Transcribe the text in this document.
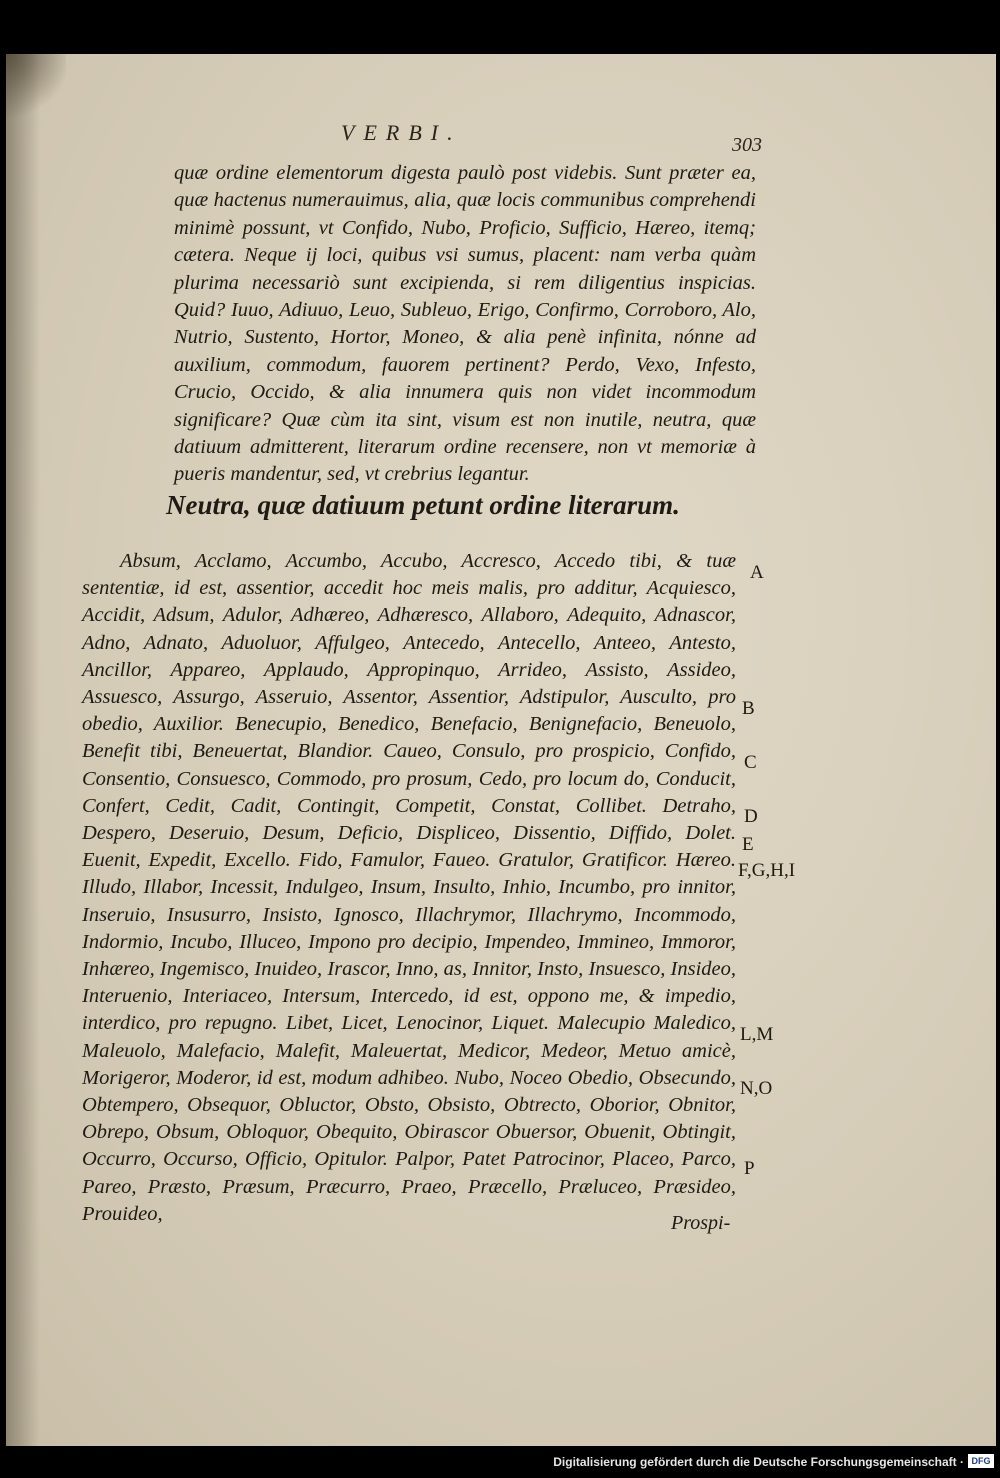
VERBI.	303

quæ ordine elementorum digesta paulò post videbis. Sunt præter ea, quæ hactenus numerauimus, alia, quæ locis communibus comprehendi minimè possunt, vt Confido, Nubo, Proficio, Sufficio, Hæreo, itemq; cætera. Neque ij loci, quibus vsi sumus, placent: nam verba quàm plurima necessariò sunt excipienda, si rem diligentius inspicias. Quid? Iuuo, Adiuuo, Leuo, Subleuo, Erigo, Confirmo, Corroboro, Alo, Nutrio, Sustento, Hortor, Moneo, & alia penè infinita, nónne ad auxilium, commodum, fauorem pertinent? Perdo, Vexo, Infesto, Crucio, Occido, & alia innumera quis non videt incommodum significare? Quæ cùm ita sint, visum est non inutile, neutra, quæ datiuum admitterent, literarum ordine recensere, non vt memoriæ à pueris mandentur, sed, vt crebrius legantur.

Neutra, quæ datiuum petunt ordine literarum.

Absum, Acclamo, Accumbo, Accubo, Accresco, Accedo tibi, & tuæ sententiæ, id est, assentior, accedit hoc meis malis, pro additur, Acquiesco, Accidit, Adsum, Adulor, Adhæreo, Adhæresco, Allaboro, Adequito, Adnascor, Adno, Adnato, Aduoluor, Affulgeo, Antecedo, Antecello, Anteeo, Antesto, Ancillor, Appareo, Applaudo, Appropinquo, Arrideo, Assisto, Assideo, Assuesco, Assurgo, Asseruio, Assentor, Assentior, Adstipulor, Ausculto, pro obedio, Auxilior. Benecupio, Benedico, Benefacio, Benignefacio, Beneuolo, Benefit tibi, Beneuertat, Blandior. Caueo, Consulo, pro prospicio, Confido, Consentio, Consuesco, Commodo, pro prosum, Cedo, pro locum do, Conducit, Confert, Cedit, Cadit, Contingit, Competit, Constat, Collibet. Detraho, Despero, Deseruio, Desum, Deficio, Displiceo, Dissentio, Diffido, Dolet. Euenit, Expedit, Excello. Fido, Famulor, Faueo. Gratulor, Gratificor. Hæreo. Illudo, Illabor, Incessit, Indulgeo, Insum, Insulto, Inhio, Incumbo, pro innitor, Inseruio, Insusurro, Insisto, Ignosco, Illachrymor, Illachrymo, Incommodo, Indormio, Incubo, Illuceo, Impono pro decipio, Impendeo, Immineo, Immoror, Inhæreo, Ingemisco, Inuideo, Irascor, Inno, as, Innitor, Insto, Insuesco, Insideo, Interuenio, Interiaceo, Intersum, Intercedo, id est, oppono me, & impedio, interdico, pro repugno. Libet, Licet, Lenocinor, Liquet. Malecupio Maledico, Maleuolo, Malefacio, Malefit, Maleuertat, Medicor, Medeor, Metuo amicè, Morigeror, Moderor, id est, modum adhibeo. Nubo, Noceo Obedio, Obsecundo, Obtempero, Obsequor, Obluctor, Obsto, Obsisto, Obtrecto, Oborior, Obnitor, Obrepo, Obsum, Obloquor, Obequito, Obirascor Obuersor, Obuenit, Obtingit, Occurro, Occurso, Officio, Opitulor. Palpor, Patet Patrocinor, Placeo, Parco, Pareo, Præsto, Præsum, Præcurro, Praeo, Præcello, Præluceo, Præsideo, Prouideo,

A
B
C
D
E
F,G,H,I
L,M
N,O
P
Prospi-
Digitalisierung gefördert durch die Deutsche Forschungsgemeinschaft · DFG
